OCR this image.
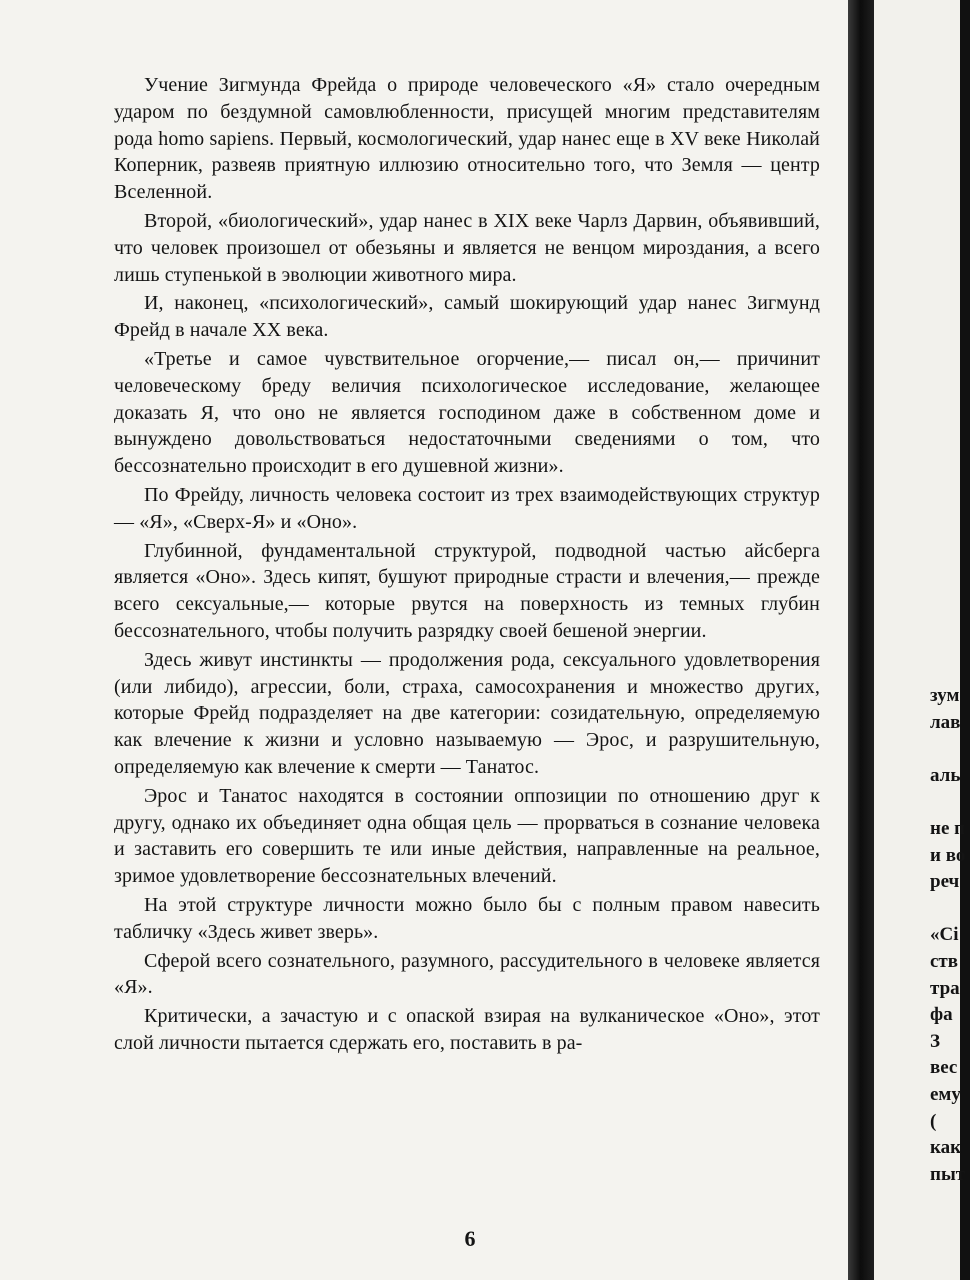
Учение Зигмунда Фрейда о природе человеческого «Я» стало очередным ударом по бездумной самовлюбленности, присущей многим представителям рода homo sapiens. Первый, космологический, удар нанес еще в XV веке Николай Коперник, развеяв приятную иллюзию относительно того, что Земля — центр Вселенной.

Второй, «биологический», удар нанес в XIX веке Чарлз Дарвин, объявивший, что человек произошел от обезьяны и является не венцом мироздания, а всего лишь ступенькой в эволюции животного мира.

И, наконец, «психологический», самый шокирующий удар нанес Зигмунд Фрейд в начале XX века.

«Третье и самое чувствительное огорчение,— писал он,— причинит человеческому бреду величия психологическое исследование, желающее доказать Я, что оно не является господином даже в собственном доме и вынуждено довольствоваться недостаточными сведениями о том, что бессознательно происходит в его душевной жизни».

По Фрейду, личность человека состоит из трех взаимодействующих структур — «Я», «Сверх-Я» и «Оно».

Глубинной, фундаментальной структурой, подводной частью айсберга является «Оно». Здесь кипят, бушуют природные страсти и влечения,— прежде всего сексуальные,— которые рвутся на поверхность из темных глубин бессознательного, чтобы получить разрядку своей бешеной энергии.

Здесь живут инстинкты — продолжения рода, сексуального удовлетворения (или либидо), агрессии, боли, страха, самосохранения и множество других, которые Фрейд подразделяет на две категории: созидательную, определяемую как влечение к жизни и условно называемую — Эрос, и разрушительную, определяемую как влечение к смерти — Танатос.

Эрос и Танатос находятся в состоянии оппозиции по отношению друг к другу, однако их объединяет одна общая цель — прорваться в сознание человека и заставить его совершить те или иные действия, направленные на реальное, зримое удовлетворение бессознательных влечений.

На этой структуре личности можно было бы с полным правом навесить табличку «Здесь живет зверь».

Сферой всего сознательного, разумного, рассудительного в человеке является «Я».

Критически, а зачастую и с опаской взирая на вулканическое «Оно», этот слой личности пытается сдержать его, поставить в ра-

6
зум
лав
аль
не п
и во
реч
«Сі
ств
тра
фа
З
вес
ему
(
как
пыт
